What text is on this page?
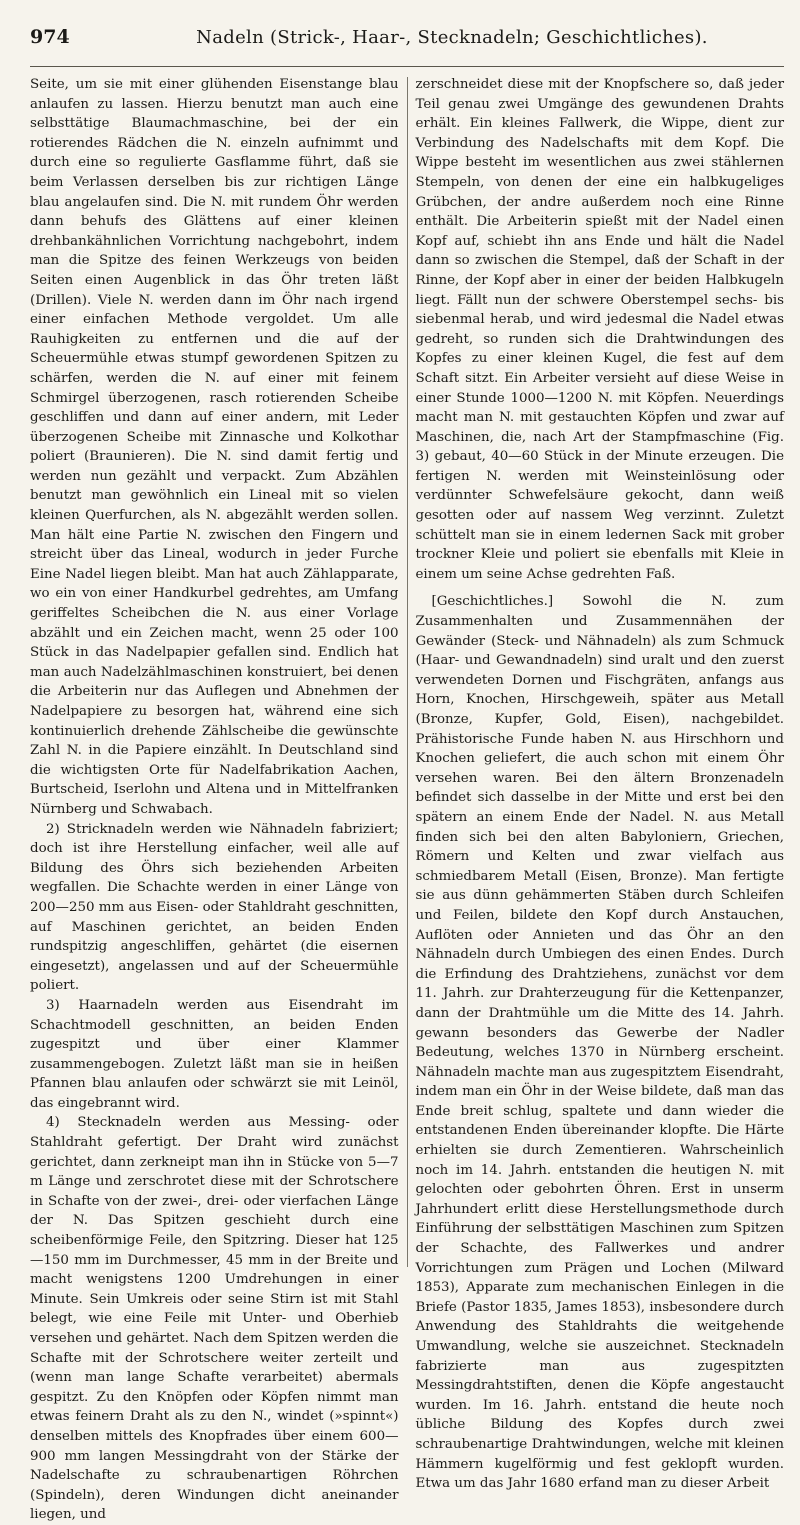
974	Nadeln (Strick-, Haar-, Stecknadeln; Geschichtliches).

Seite, um sie mit einer glühenden Eisenstange blau anlaufen zu lassen. Hierzu benutzt man auch eine selbsttätige Blaumachmaschine, bei der ein rotierendes Rädchen die N. einzeln aufnimmt und durch eine so regulierte Gasflamme führt, daß sie beim Verlassen derselben bis zur richtigen Länge blau angelaufen sind. Die N. mit rundem Öhr werden dann behufs des Glättens auf einer kleinen drehbankähnlichen Vorrichtung nachgebohrt, indem man die Spitze des feinen Werkzeugs von beiden Seiten einen Augenblick in das Öhr treten läßt (Drillen). Viele N. werden dann im Öhr nach irgend einer einfachen Methode vergoldet. Um alle Rauhigkeiten zu entfernen und die auf der Scheuermühle etwas stumpf gewordenen Spitzen zu schärfen, werden die N. auf einer mit feinem Schmirgel überzogenen, rasch rotierenden Scheibe geschliffen und dann auf einer andern, mit Leder überzogenen Scheibe mit Zinnasche und Kolkothar poliert (Braunieren). Die N. sind damit fertig und werden nun gezählt und verpackt. Zum Abzählen benutzt man gewöhnlich ein Lineal mit so vielen kleinen Querfurchen, als N. abgezählt werden sollen. Man hält eine Partie N. zwischen den Fingern und streicht über das Lineal, wodurch in jeder Furche Eine Nadel liegen bleibt. Man hat auch Zählapparate, wo ein von einer Handkurbel gedrehtes, am Umfang geriffeltes Scheibchen die N. aus einer Vorlage abzählt und ein Zeichen macht, wenn 25 oder 100 Stück in das Nadelpapier gefallen sind. Endlich hat man auch Nadelzählmaschinen konstruiert, bei denen die Arbeiterin nur das Auflegen und Abnehmen der Nadelpapiere zu besorgen hat, während eine sich kontinuierlich drehende Zählscheibe die gewünschte Zahl N. in die Papiere einzählt. In Deutschland sind die wichtigsten Orte für Nadelfabrikation Aachen, Burtscheid, Iserlohn und Altena und in Mittelfranken Nürnberg und Schwabach.

2) Stricknadeln werden wie Nähnadeln fabriziert; doch ist ihre Herstellung einfacher, weil alle auf Bildung des Öhrs sich beziehenden Arbeiten wegfallen. Die Schachte werden in einer Länge von 200—250 mm aus Eisen- oder Stahldraht geschnitten, auf Maschinen gerichtet, an beiden Enden rundspitzig angeschliffen, gehärtet (die eisernen eingesetzt), angelassen und auf der Scheuermühle poliert.

3) Haarnadeln werden aus Eisendraht im Schachtmodell geschnitten, an beiden Enden zugespitzt und über einer Klammer zusammengebogen. Zuletzt läßt man sie in heißen Pfannen blau anlaufen oder schwärzt sie mit Leinöl, das eingebrannt wird.

4) Stecknadeln werden aus Messing- oder Stahldraht gefertigt. Der Draht wird zunächst gerichtet, dann zerkneipt man ihn in Stücke von 5—7 m Länge und zerschrotet diese mit der Schrotschere in Schafte von der zwei-, drei- oder vierfachen Länge der N. Das Spitzen geschieht durch eine scheibenförmige Feile, den Spitzring. Dieser hat 125—150 mm im Durchmesser, 45 mm in der Breite und macht wenigstens 1200 Umdrehungen in einer Minute. Sein Umkreis oder seine Stirn ist mit Stahl belegt, wie eine Feile mit Unter- und Oberhieb versehen und gehärtet. Nach dem Spitzen werden die Schafte mit der Schrotschere weiter zerteilt und (wenn man lange Schafte verarbeitet) abermals gespitzt. Zu den Knöpfen oder Köpfen nimmt man etwas feinern Draht als zu den N., windet (»spinnt«) denselben mittels des Knopfrades über einem 600—900 mm langen Messingdraht von der Stärke der Nadelschafte zu schraubenartigen Röhrchen (Spindeln), deren Windungen dicht aneinander liegen, und

zerschneidet diese mit der Knopfschere so, daß jeder Teil genau zwei Umgänge des gewundenen Drahts erhält. Ein kleines Fallwerk, die Wippe, dient zur Verbindung des Nadelschafts mit dem Kopf. Die Wippe besteht im wesentlichen aus zwei stählernen Stempeln, von denen der eine ein halbkugeliges Grübchen, der andre außerdem noch eine Rinne enthält. Die Arbeiterin spießt mit der Nadel einen Kopf auf, schiebt ihn ans Ende und hält die Nadel dann so zwischen die Stempel, daß der Schaft in der Rinne, der Kopf aber in einer der beiden Halbkugeln liegt. Fällt nun der schwere Oberstempel sechs- bis siebenmal herab, und wird jedesmal die Nadel etwas gedreht, so runden sich die Drahtwindungen des Kopfes zu einer kleinen Kugel, die fest auf dem Schaft sitzt. Ein Arbeiter versieht auf diese Weise in einer Stunde 1000—1200 N. mit Köpfen. Neuerdings macht man N. mit gestauchten Köpfen und zwar auf Maschinen, die, nach Art der Stampfmaschine (Fig. 3) gebaut, 40—60 Stück in der Minute erzeugen. Die fertigen N. werden mit Weinsteinlösung oder verdünnter Schwefelsäure gekocht, dann weiß gesotten oder auf nassem Weg verzinnt. Zuletzt schüttelt man sie in einem ledernen Sack mit grober trockner Kleie und poliert sie ebenfalls mit Kleie in einem um seine Achse gedrehten Faß.

[Geschichtliches.] Sowohl die N. zum Zusammenhalten und Zusammennähen der Gewänder (Steck- und Nähnadeln) als zum Schmuck (Haar- und Gewandnadeln) sind uralt und den zuerst verwendeten Dornen und Fischgräten, anfangs aus Horn, Knochen, Hirschgeweih, später aus Metall (Bronze, Kupfer, Gold, Eisen), nachgebildet. Prähistorische Funde haben N. aus Hirschhorn und Knochen geliefert, die auch schon mit einem Öhr versehen waren. Bei den ältern Bronzenadeln befindet sich dasselbe in der Mitte und erst bei den spätern an einem Ende der Nadel. N. aus Metall finden sich bei den alten Babyloniern, Griechen, Römern und Kelten und zwar vielfach aus schmiedbarem Metall (Eisen, Bronze). Man fertigte sie aus dünn gehämmerten Stäben durch Schleifen und Feilen, bildete den Kopf durch Anstauchen, Auflöten oder Annieten und das Öhr an den Nähnadeln durch Umbiegen des einen Endes. Durch die Erfindung des Drahtziehens, zunächst vor dem 11. Jahrh. zur Drahterzeugung für die Kettenpanzer, dann der Drahtmühle um die Mitte des 14. Jahrh. gewann besonders das Gewerbe der Nadler Bedeutung, welches 1370 in Nürnberg erscheint. Nähnadeln machte man aus zugespitztem Eisendraht, indem man ein Öhr in der Weise bildete, daß man das Ende breit schlug, spaltete und dann wieder die entstandenen Enden übereinander klopfte. Die Härte erhielten sie durch Zementieren. Wahrscheinlich noch im 14. Jahrh. entstanden die heutigen N. mit gelochten oder gebohrten Öhren. Erst in unserm Jahrhundert erlitt diese Herstellungsmethode durch Einführung der selbsttätigen Maschinen zum Spitzen der Schachte, des Fallwerkes und andrer Vorrichtungen zum Prägen und Lochen (Milward 1853), Apparate zum mechanischen Einlegen in die Briefe (Pastor 1835, James 1853), insbesondere durch Anwendung des Stahldrahts die weitgehende Umwandlung, welche sie auszeichnet. Stecknadeln fabrizierte man aus zugespitzten Messingdrahtstiften, denen die Köpfe angestaucht wurden. Im 16. Jahrh. entstand die heute noch übliche Bildung des Kopfes durch zwei schraubenartige Drahtwindungen, welche mit kleinen Hämmern kugelförmig und fest geklopft wurden. Etwa um das Jahr 1680 erfand man zu dieser Arbeit
